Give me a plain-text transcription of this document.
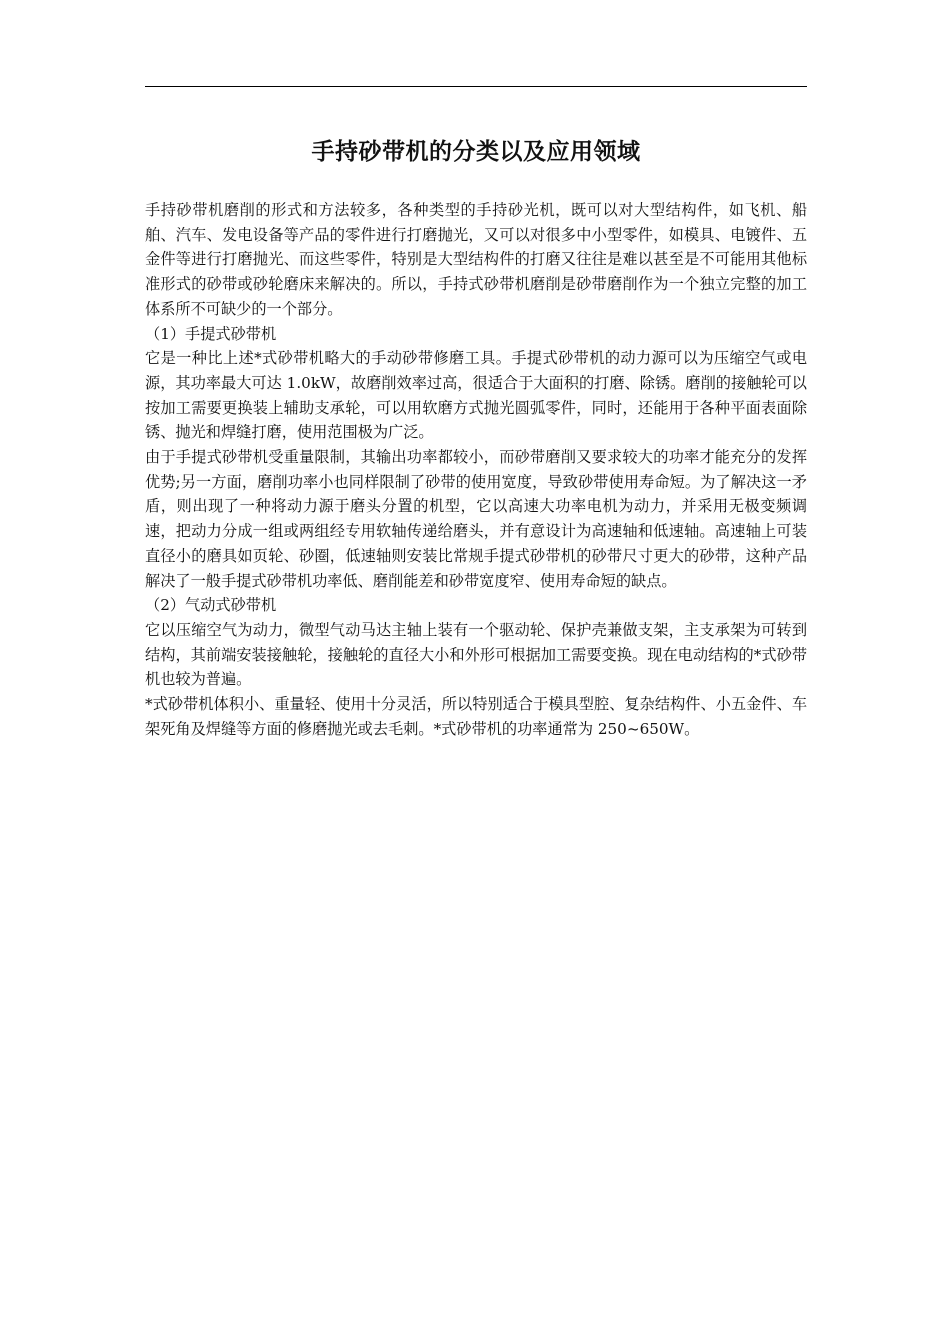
手持砂带机的分类以及应用领域

手持砂带机磨削的形式和方法较多，各种类型的手持砂光机，既可以对大型结构件，如飞机、船舶、汽车、发电设备等产品的零件进行打磨抛光，又可以对很多中小型零件，如模具、电镀件、五金件等进行打磨抛光、而这些零件，特别是大型结构件的打磨又往往是难以甚至是不可能用其他标准形式的砂带或砂轮磨床来解决的。所以，手持式砂带机磨削是砂带磨削作为一个独立完整的加工体系所不可缺少的一个部分。

（1）手提式砂带机

它是一种比上述*式砂带机略大的手动砂带修磨工具。手提式砂带机的动力源可以为压缩空气或电源，其功率最大可达 1.0kW，故磨削效率过高，很适合于大面积的打磨、除锈。磨削的接触轮可以按加工需要更换装上辅助支承轮，可以用软磨方式抛光圆弧零件，同时，还能用于各种平面表面除锈、抛光和焊缝打磨，使用范围极为广泛。

由于手提式砂带机受重量限制，其输出功率都较小，而砂带磨削又要求较大的功率才能充分的发挥优势;另一方面，磨削功率小也同样限制了砂带的使用宽度，导致砂带使用寿命短。为了解决这一矛盾，则出现了一种将动力源于磨头分置的机型，它以高速大功率电机为动力，并采用无极变频调速，把动力分成一组或两组经专用软轴传递给磨头，并有意设计为高速轴和低速轴。高速轴上可装直径小的磨具如页轮、砂圈，低速轴则安装比常规手提式砂带机的砂带尺寸更大的砂带，这种产品解决了一般手提式砂带机功率低、磨削能差和砂带宽度窄、使用寿命短的缺点。

（2）气动式砂带机

它以压缩空气为动力，微型气动马达主轴上装有一个驱动轮、保护壳兼做支架，主支承架为可转到结构，其前端安装接触轮，接触轮的直径大小和外形可根据加工需要变换。现在电动结构的*式砂带机也较为普遍。

*式砂带机体积小、重量轻、使用十分灵活，所以特别适合于模具型腔、复杂结构件、小五金件、车架死角及焊缝等方面的修磨抛光或去毛刺。*式砂带机的功率通常为 250~650W。
